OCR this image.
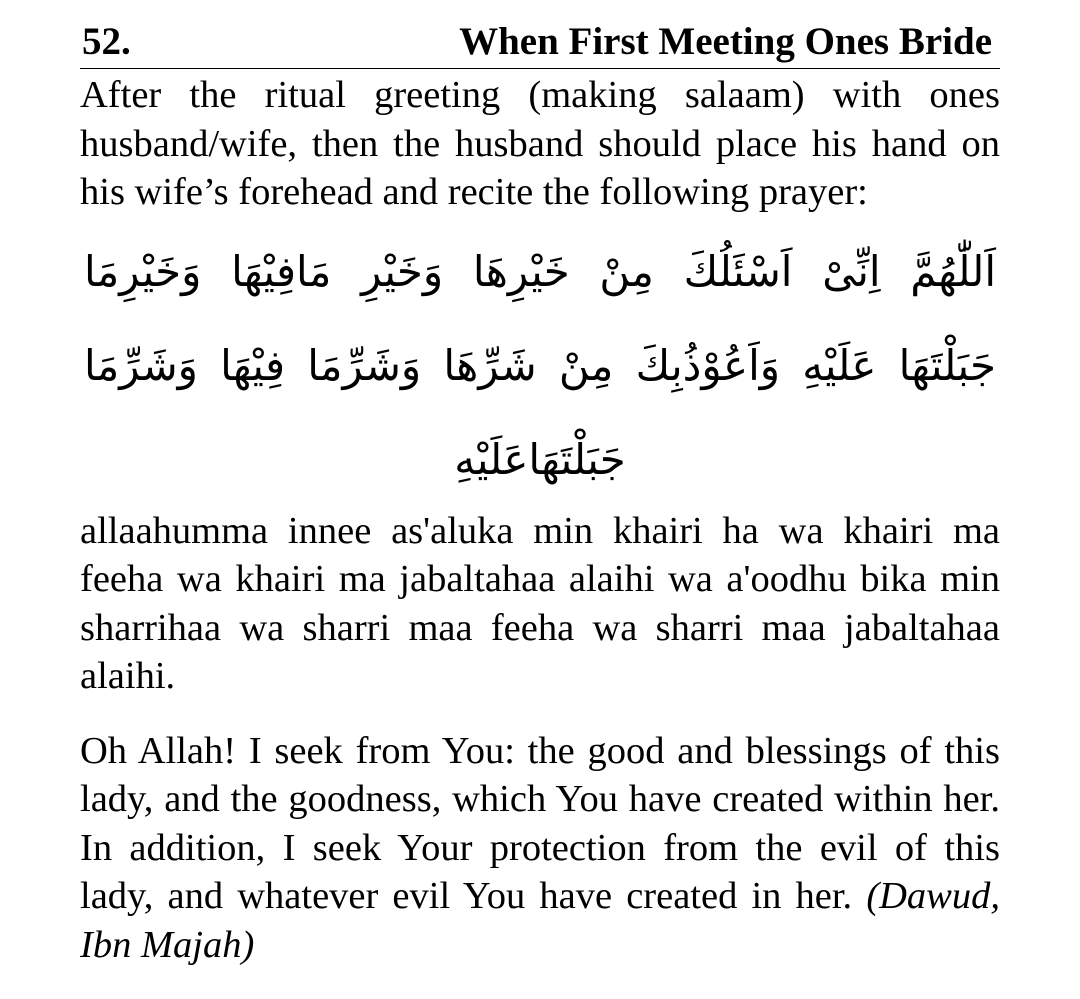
52.	When First Meeting Ones Bride

After the ritual greeting (making salaam) with ones husband/wife, then the husband should place his hand on his wife’s forehead and recite the following prayer:

اَللّٰهُمَّ اِنِّىْ اَسْئَلُكَ مِنْ خَيْرِهَا وَخَيْرِ مَافِيْهَا وَخَيْرِمَا
جَبَلْتَهَا عَلَيْهِ وَاَعُوْذُبِكَ مِنْ شَرِّهَا وَشَرِّمَا فِيْهَا وَشَرِّمَا
جَبَلْتَهَاعَلَيْهِ

allaahumma innee as'aluka min khairi ha wa khairi ma feeha wa khairi ma jabaltahaa alaihi wa a'oodhu bika min sharrihaa wa sharri maa feeha wa sharri maa jabaltahaa alaihi.

Oh Allah! I seek from You: the good and blessings of this lady, and the goodness, which You have created within her. In addition, I seek Your protection from the evil of this lady, and whatever evil You have created in her. (Dawud, Ibn Majah)
